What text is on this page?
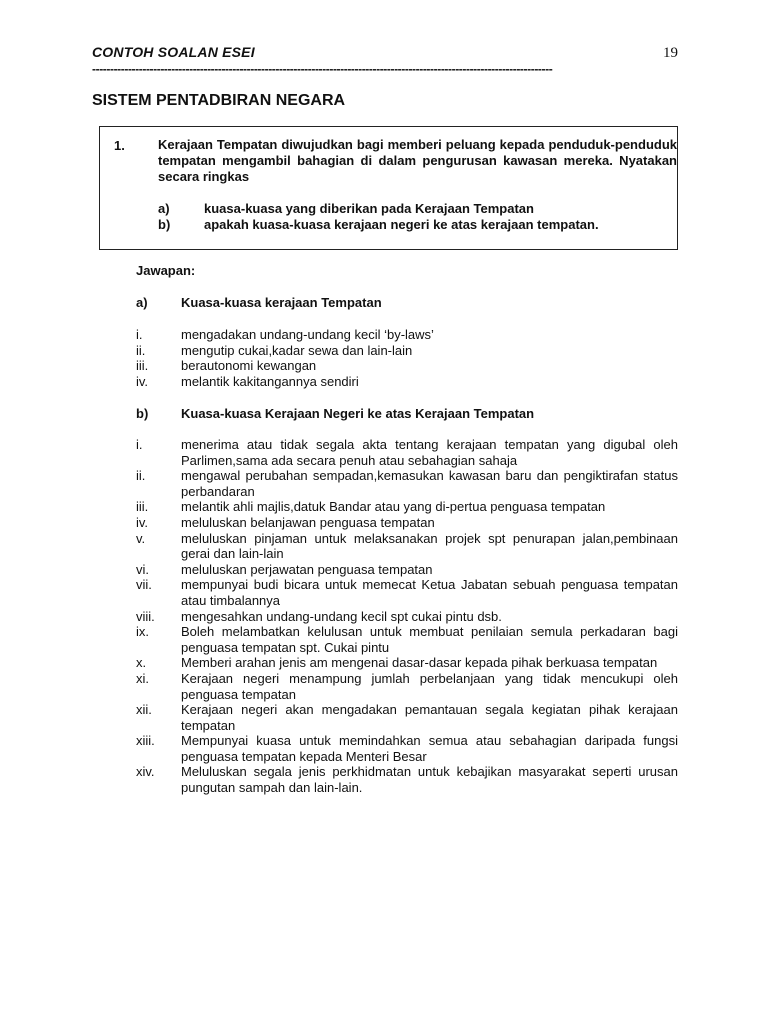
CONTOH SOALAN ESEI	19
--------------------------------------------------------------------------------------------------------------------------------
SISTEM PENTADBIRAN NEGARA
1.	Kerajaan Tempatan diwujudkan bagi memberi peluang kepada penduduk-penduduk tempatan mengambil bahagian di dalam pengurusan kawasan mereka. Nyatakan secara ringkas
a)	kuasa-kuasa yang diberikan pada Kerajaan Tempatan
b)	apakah kuasa-kuasa kerajaan negeri ke atas kerajaan tempatan.
Jawapan:
a)	Kuasa-kuasa kerajaan Tempatan
i.	mengadakan undang-undang kecil ‘by-laws’
ii.	mengutip cukai,kadar sewa dan lain-lain
iii.	berautonomi kewangan
iv.	melantik kakitangannya sendiri
b)	Kuasa-kuasa Kerajaan Negeri ke atas Kerajaan Tempatan
i.	menerima atau tidak segala akta tentang kerajaan tempatan yang digubal oleh Parlimen,sama ada secara penuh atau sebahagian sahaja
ii.	mengawal perubahan sempadan,kemasukan kawasan baru dan pengiktirafan status perbandaran
iii.	melantik ahli majlis,datuk Bandar atau yang di-pertua penguasa tempatan
iv.	meluluskan belanjawan penguasa tempatan
v.	meluluskan pinjaman untuk melaksanakan projek spt penurapan jalan,pembinaan gerai dan lain-lain
vi.	meluluskan perjawatan penguasa tempatan
vii.	mempunyai budi bicara untuk memecat Ketua Jabatan sebuah penguasa tempatan atau timbalannya
viii.	mengesahkan undang-undang kecil spt cukai pintu dsb.
ix.	Boleh melambatkan kelulusan untuk membuat penilaian semula perkadaran bagi penguasa tempatan spt. Cukai pintu
x.	Memberi arahan jenis am mengenai dasar-dasar kepada pihak berkuasa tempatan
xi.	Kerajaan negeri menampung jumlah perbelanjaan yang tidak mencukupi oleh penguasa tempatan
xii.	Kerajaan negeri akan mengadakan pemantauan segala kegiatan pihak kerajaan tempatan
xiii.	Mempunyai kuasa untuk memindahkan semua atau sebahagian daripada fungsi penguasa tempatan kepada Menteri Besar
xiv.	Meluluskan segala jenis perkhidmatan untuk kebajikan masyarakat seperti urusan pungutan sampah dan lain-lain.
